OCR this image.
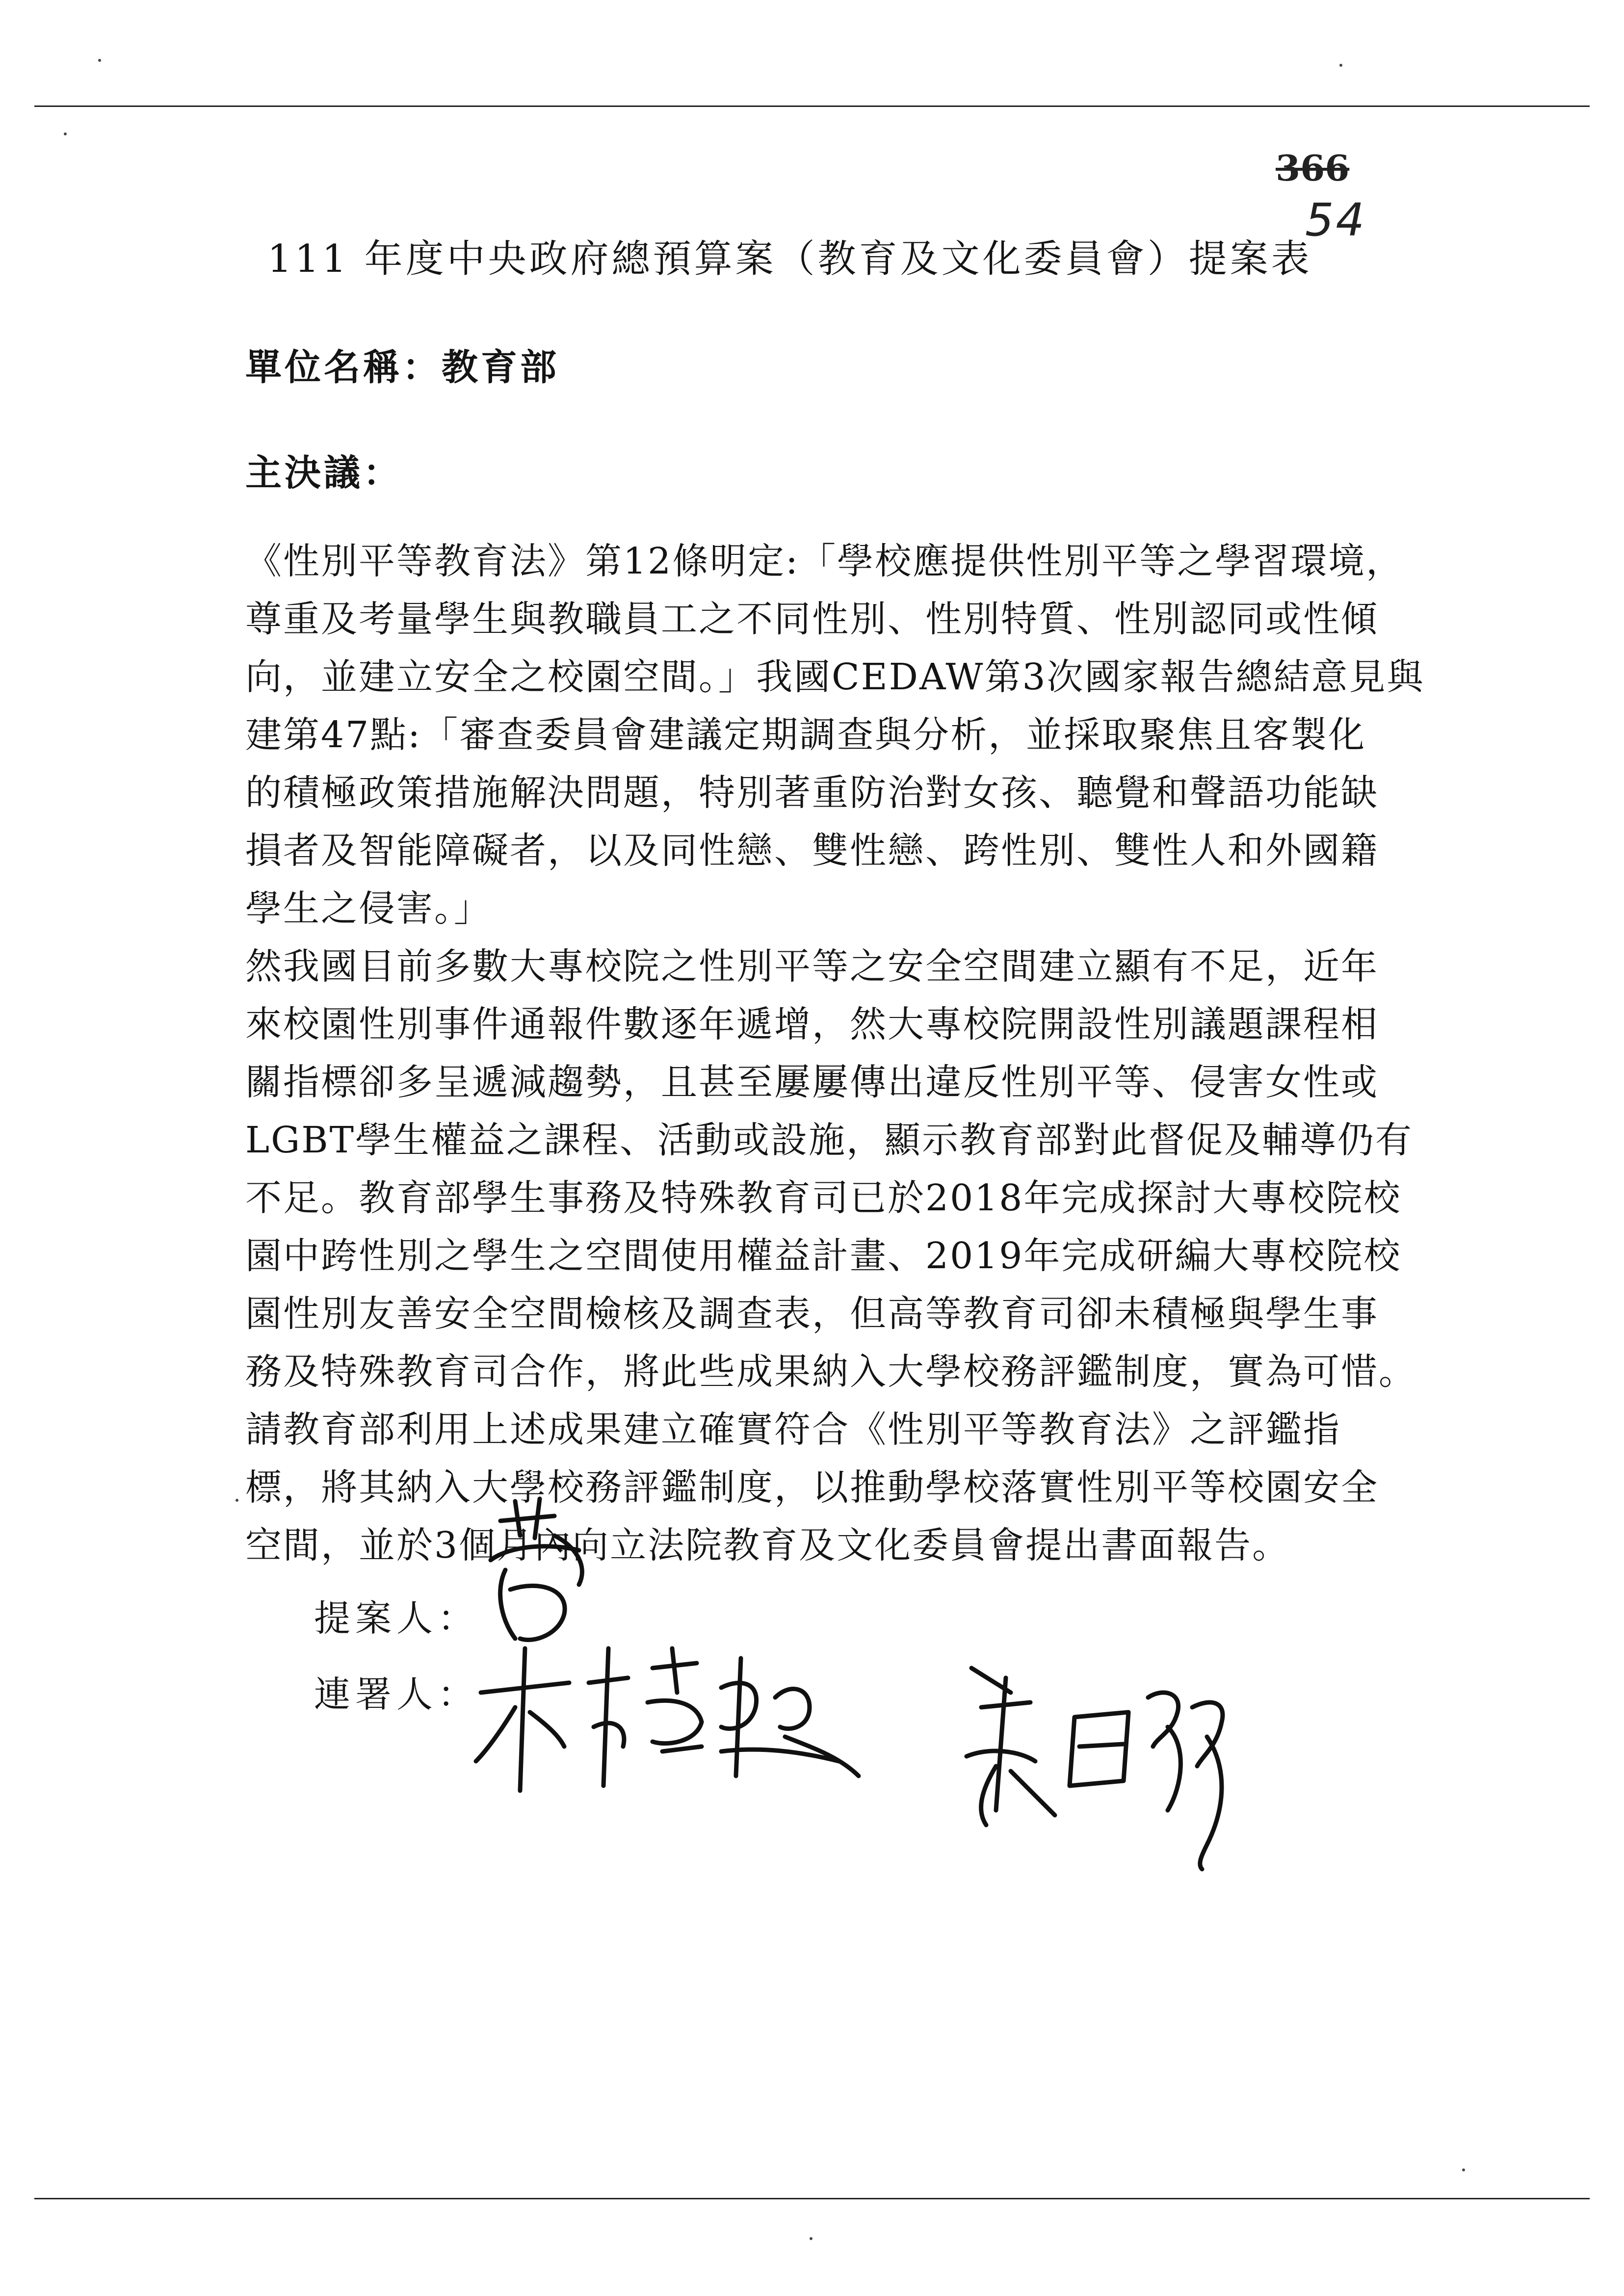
366
54
111 年度中央政府總預算案（教育及文化委員會）提案表
單位名稱：教育部
主決議：
《性別平等教育法》第12條明定:「學校應提供性別平等之學習環境，
尊重及考量學生與教職員工之不同性別、性別特質、性別認同或性傾
向，並建立安全之校園空間。」我國CEDAW第3次國家報告總結意見與
建第47點:「審查委員會建議定期調查與分析，並採取聚焦且客製化
的積極政策措施解決問題，特別著重防治對女孩、聽覺和聲語功能缺
損者及智能障礙者，以及同性戀、雙性戀、跨性別、雙性人和外國籍
學生之侵害。」
然我國目前多數大專校院之性別平等之安全空間建立顯有不足，近年
來校園性別事件通報件數逐年遞增，然大專校院開設性別議題課程相
關指標卻多呈遞減趨勢，且甚至屢屢傳出違反性別平等、侵害女性或
LGBT學生權益之課程、活動或設施，顯示教育部對此督促及輔導仍有
不足。教育部學生事務及特殊教育司已於2018年完成探討大專校院校
園中跨性別之學生之空間使用權益計畫、2019年完成研編大專校院校
園性別友善安全空間檢核及調查表，但高等教育司卻未積極與學生事
務及特殊教育司合作，將此些成果納入大學校務評鑑制度，實為可惜。
請教育部利用上述成果建立確實符合《性別平等教育法》之評鑑指
標，將其納入大學校務評鑑制度，以推動學校落實性別平等校園安全
空間，並於3個月內向立法院教育及文化委員會提出書面報告。
提案人：
連署人：
